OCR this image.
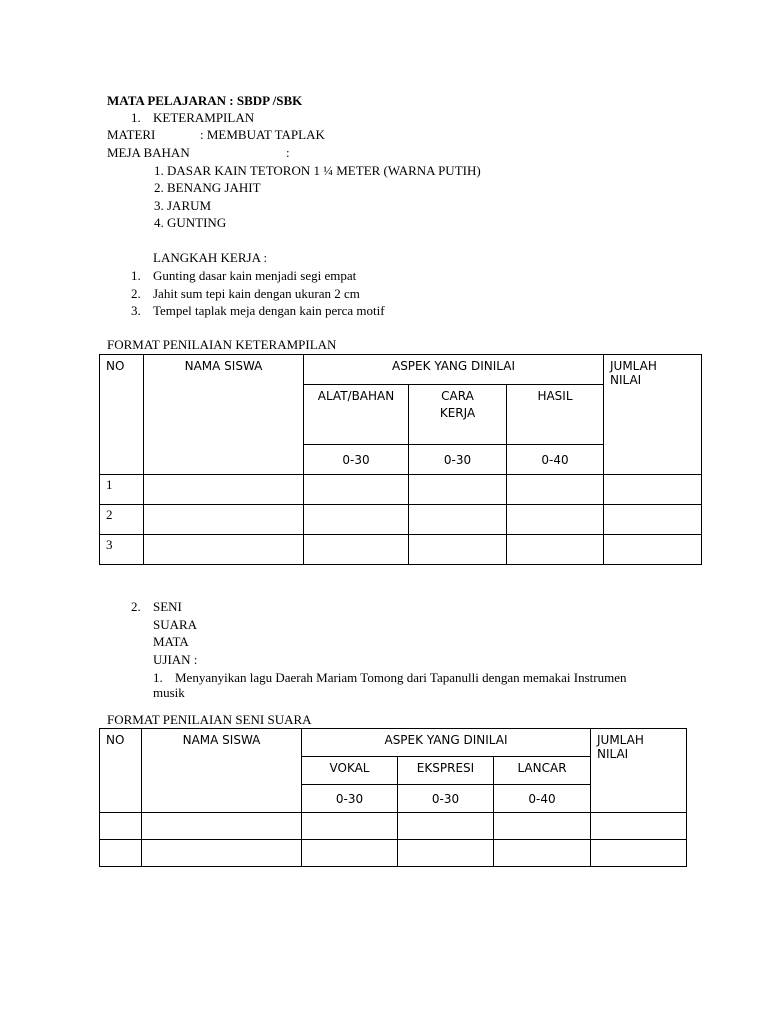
MATA PELAJARAN : SBDP /SBK
1. KETERAMPILAN
MATERI	: MEMBUAT TAPLAK
MEJA BAHAN	:
1. DASAR KAIN TETORON 1 ¼ METER (WARNA PUTIH)
2. BENANG JAHIT
3. JARUM
4. GUNTING
LANGKAH KERJA :
1. Gunting dasar kain menjadi segi empat
2. Jahit sum tepi kain dengan ukuran 2 cm
3. Tempel taplak meja dengan kain perca motif
FORMAT PENILAIAN KETERAMPILAN
NO	NAMA SISWA	ASPEK YANG DINILAI			JUMLAH
NILAI

		ALAT/BAHAN	CARA
KERJA	HASIL	
		0-30	0-30	0-40	
1					
2					
3					
2. SENI
SUARA
MATA
UJIAN :
1. Menyanyikan lagu Daerah Mariam Tomong dari Tapanulli dengan memakai Instrumen
musik
FORMAT PENILAIAN SENI SUARA
NO	NAMA SISWA	ASPEK YANG DINILAI			JUMLAH
NILAI

		VOKAL	EKSPRESI	LANCAR	
		0-30	0-30	0-40	
